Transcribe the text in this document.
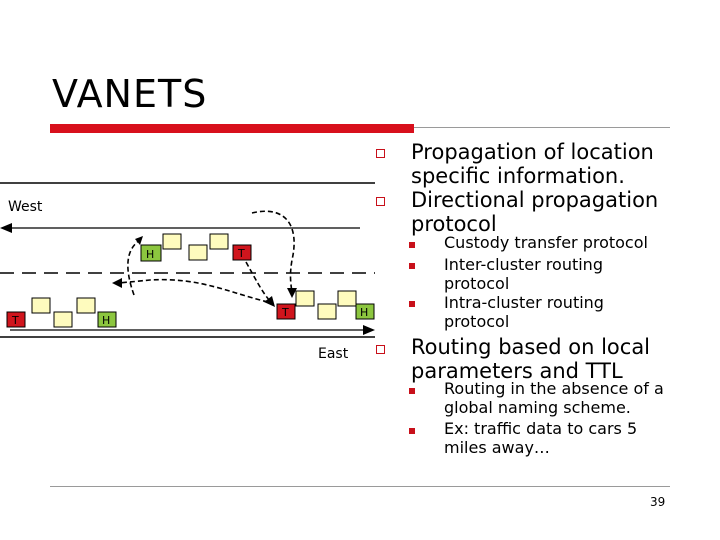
VANETS
H	T
T	H
T	H
West
East
Propagation of location specific information.
Directional propagation protocol
Custody transfer protocol
Inter-cluster routing protocol
Intra-cluster routing protocol
Routing based on local parameters and TTL
Routing in the absence of a global naming scheme.
Ex: traffic data to cars 5 miles away…
39
